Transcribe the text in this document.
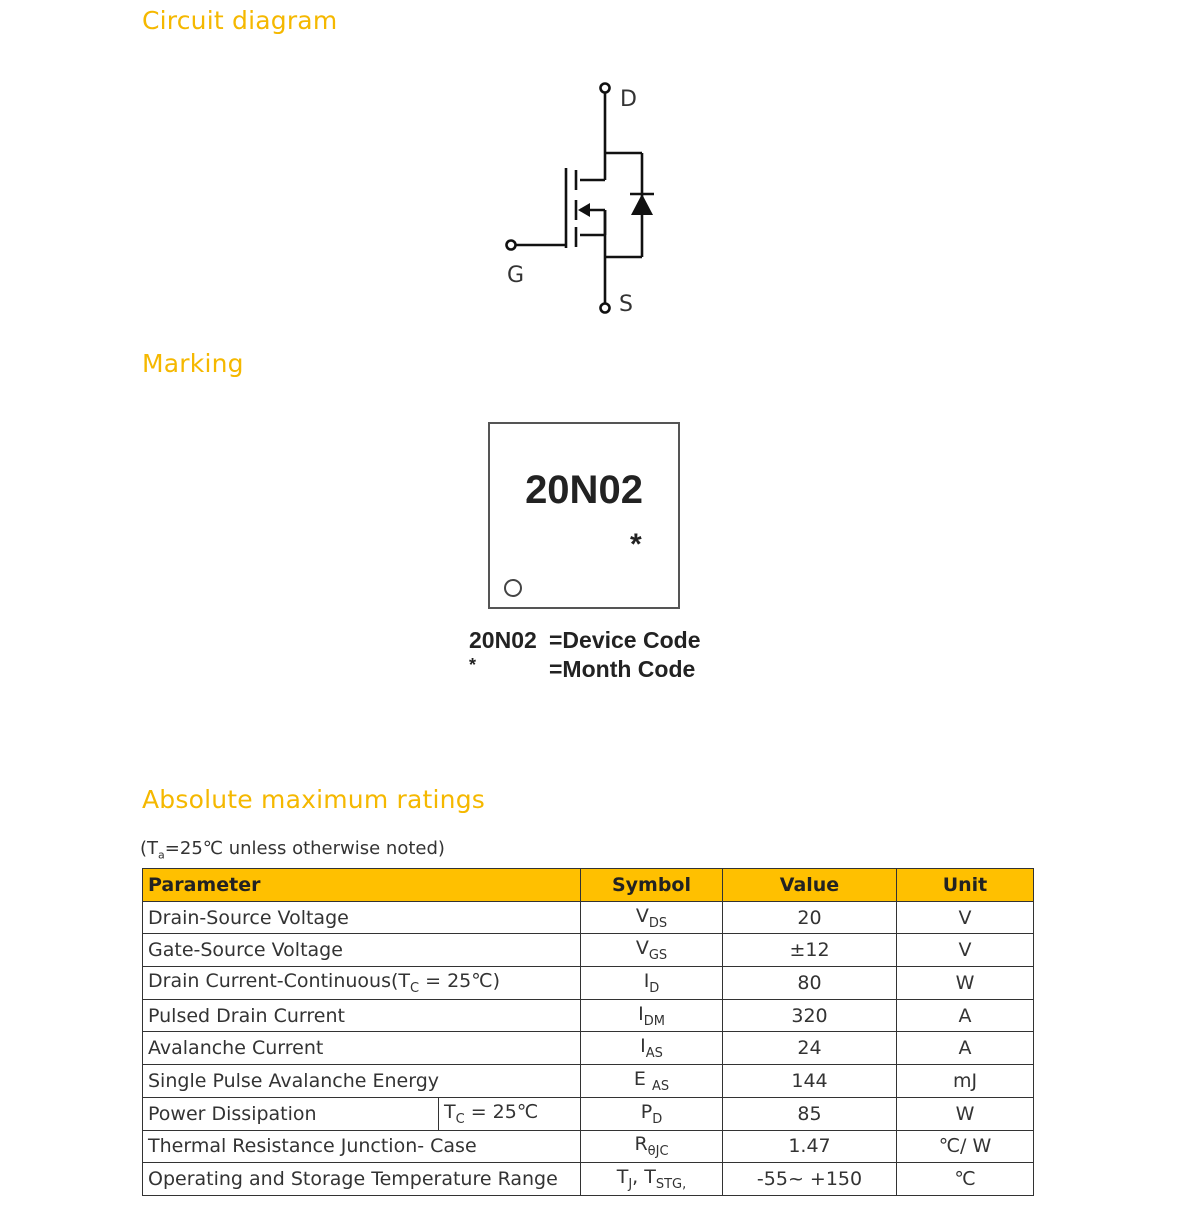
Circuit diagram
D
G
S
Marking
20N02
*
20N02 =Device Code
*	=Month Code
Absolute maximum ratings
($T_a=25℃$ unless otherwise noted)
Parameter		Symbol	Value	Unit
Drain-Source Voltage		$V_{DS}$	20	V
Gate-Source Voltage		$V_{GS}$	±12	V
Drain Current-$Continuous(T_C$ = 25℃)		$I_D$	80	W
Pulsed Drain Current		$I_{DM}$	320	A
Avalanche Current		$I_{AS}$	24	A
Single Pulse Avalanche Energy		E $_{AS}$	144	mJ
Power Dissipation	$T_C$ = 25℃	$P_D$	85	W
Thermal Resistance Junction- Case		$R_{\theta JC}$	1.47	℃/ W
Operating and Storage Temperature Range		$T_J$, $T_{STG,}$	-55~ +150	℃
